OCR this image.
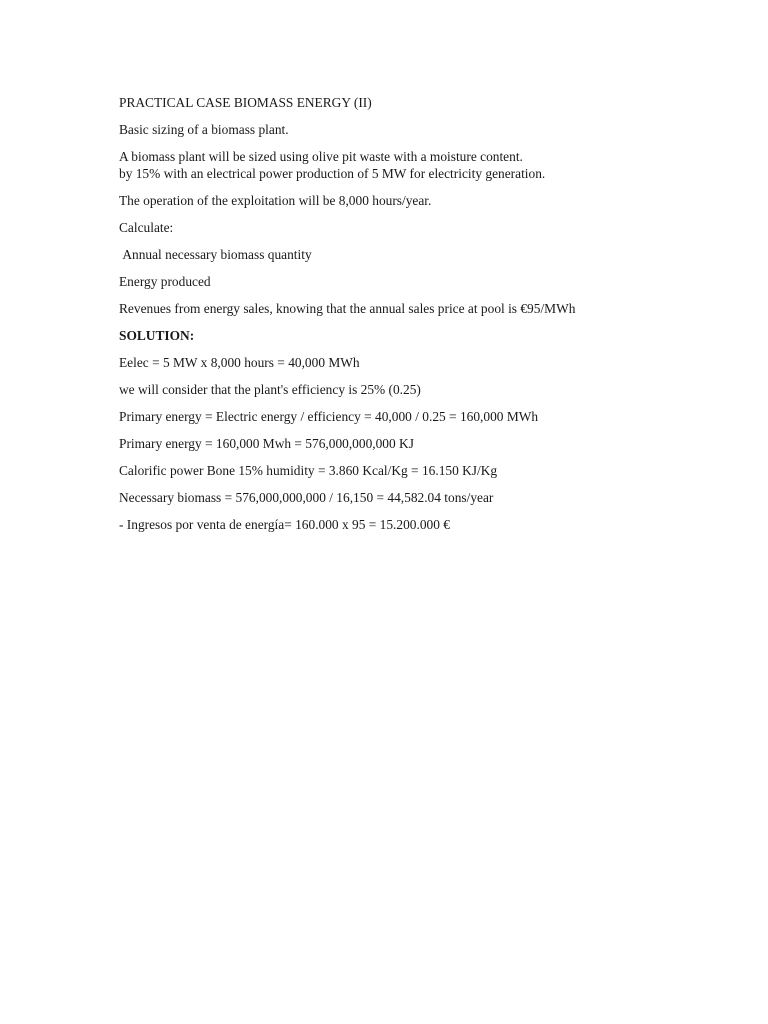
PRACTICAL CASE BIOMASS ENERGY (II)

Basic sizing of a biomass plant.

A biomass plant will be sized using olive pit waste with a moisture content.
by 15% with an electrical power production of 5 MW for electricity generation.

The operation of the exploitation will be 8,000 hours/year.

Calculate:

Annual necessary biomass quantity

Energy produced

Revenues from energy sales, knowing that the annual sales price at pool is €95/MWh

SOLUTION:

Eelec = 5 MW x 8,000 hours = 40,000 MWh

we will consider that the plant's efficiency is 25% (0.25)

Primary energy = Electric energy / efficiency = 40,000 / 0.25 = 160,000 MWh

Primary energy = 160,000 Mwh = 576,000,000,000 KJ

Calorific power Bone 15% humidity = 3.860 Kcal/Kg = 16.150 KJ/Kg

Necessary biomass = 576,000,000,000 / 16,150 = 44,582.04 tons/year

- Ingresos por venta de energía= 160.000 x 95 = 15.200.000 €
